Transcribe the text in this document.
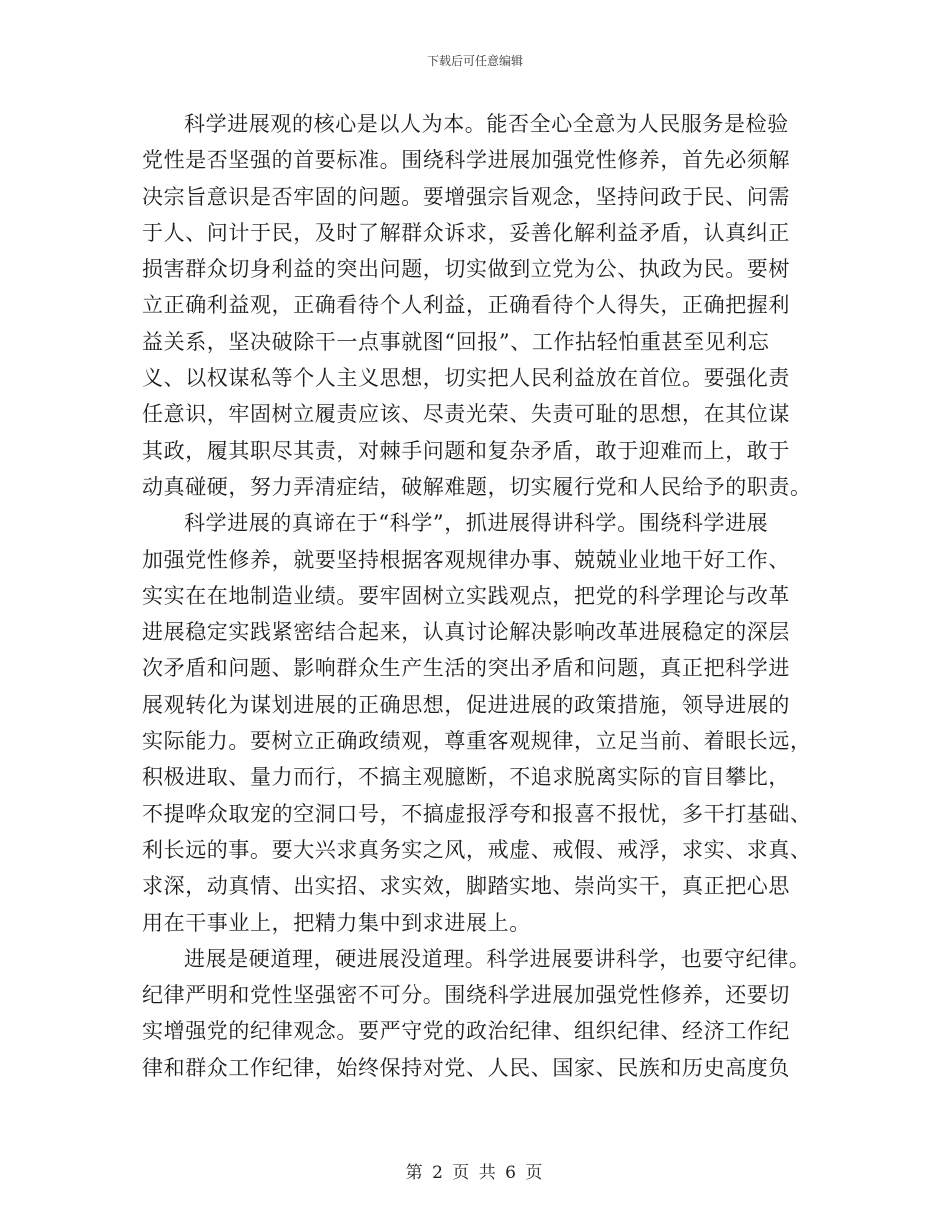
下载后可任意编辑
科学进展观的核心是以人为本。能否全心全意为人民服务是检验
党性是否坚强的首要标准。围绕科学进展加强党性修养，首先必须解
决宗旨意识是否牢固的问题。要增强宗旨观念，坚持问政于民、问需
于人、问计于民，及时了解群众诉求，妥善化解利益矛盾，认真纠正
损害群众切身利益的突出问题，切实做到立党为公、执政为民。要树
立正确利益观，正确看待个人利益，正确看待个人得失，正确把握利
益关系，坚决破除干一点事就图“回报”、工作拈轻怕重甚至见利忘
义、以权谋私等个人主义思想，切实把人民利益放在首位。要强化责
任意识，牢固树立履责应该、尽责光荣、失责可耻的思想，在其位谋
其政，履其职尽其责，对棘手问题和复杂矛盾，敢于迎难而上，敢于
动真碰硬，努力弄清症结，破解难题，切实履行党和人民给予的职责。
科学进展的真谛在于“科学”，抓进展得讲科学。围绕科学进展
加强党性修养，就要坚持根据客观规律办事、兢兢业业地干好工作、
实实在在地制造业绩。要牢固树立实践观点，把党的科学理论与改革
进展稳定实践紧密结合起来，认真讨论解决影响改革进展稳定的深层
次矛盾和问题、影响群众生产生活的突出矛盾和问题，真正把科学进
展观转化为谋划进展的正确思想，促进进展的政策措施，领导进展的
实际能力。要树立正确政绩观，尊重客观规律，立足当前、着眼长远，
积极进取、量力而行，不搞主观臆断，不追求脱离实际的盲目攀比，
不提哗众取宠的空洞口号，不搞虚报浮夸和报喜不报忧，多干打基础、
利长远的事。要大兴求真务实之风，戒虚、戒假、戒浮，求实、求真、
求深，动真情、出实招、求实效，脚踏实地、崇尚实干，真正把心思
用在干事业上，把精力集中到求进展上。
进展是硬道理，硬进展没道理。科学进展要讲科学，也要守纪律。
纪律严明和党性坚强密不可分。围绕科学进展加强党性修养，还要切
实增强党的纪律观念。要严守党的政治纪律、组织纪律、经济工作纪
律和群众工作纪律，始终保持对党、人民、国家、民族和历史高度负
第 2 页 共 6 页
